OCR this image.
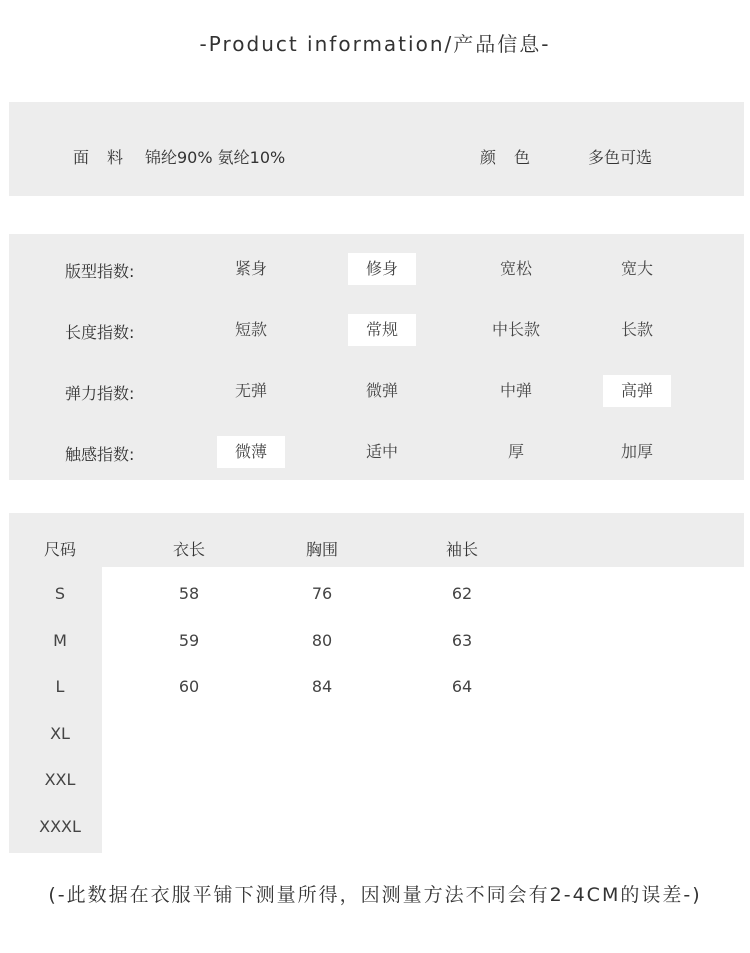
-Product information/产品信息-
面料 锦纶90% 氨纶10%	颜色 多色可选
版型指数:	紧身	修身	宽松	宽大
长度指数:	短款	常规	中长款	长款
弹力指数:	无弹	微弹	中弹	高弹
触感指数:	微薄	适中	厚	加厚
尺码	衣长	胸围	袖长
S	58	76	62
M	59	80	63
L	60	84	64
XL
XXL
XXXL
(-此数据在衣服平铺下测量所得，因测量方法不同会有2-4CM的误差-)
